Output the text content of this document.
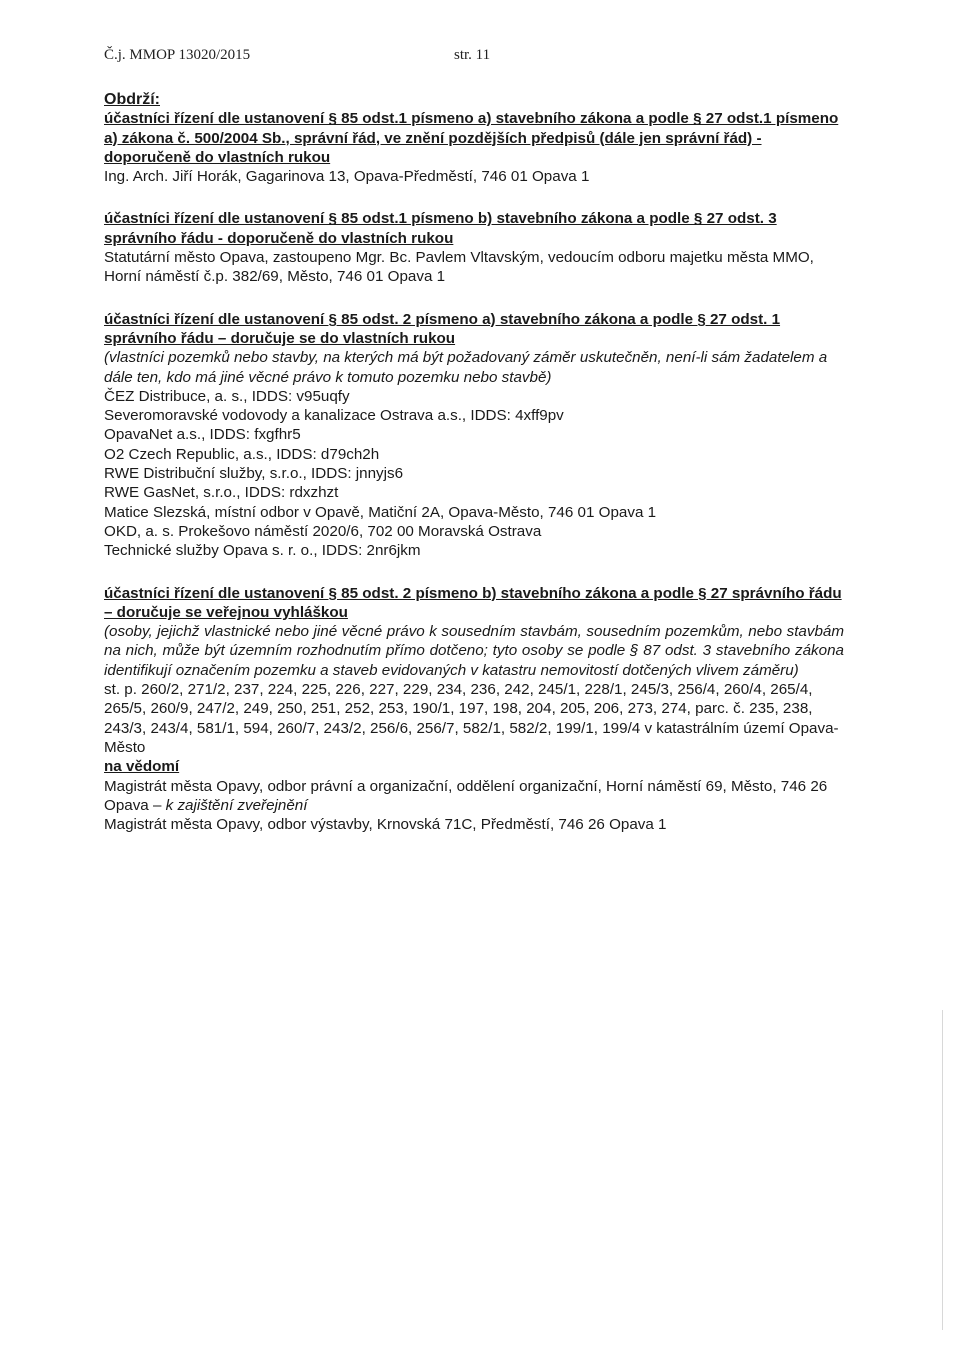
Č.j. MMOP 13020/2015	str. 11

Obdrží:

účastníci řízení dle ustanovení § 85 odst.1 písmeno a) stavebního zákona a podle § 27 odst.1 písmeno a) zákona č. 500/2004 Sb., správní řád, ve znění pozdějších předpisů (dále jen správní řád) -doporučeně do vlastních rukou

Ing. Arch. Jiří Horák, Gagarinova 13, Opava-Předměstí, 746 01 Opava 1

účastníci řízení dle ustanovení § 85 odst.1 písmeno b) stavebního zákona a podle § 27 odst. 3 správního řádu - doporučeně do vlastních rukou

Statutární město Opava, zastoupeno Mgr. Bc. Pavlem Vltavským, vedoucím odboru majetku města MMO, Horní náměstí č.p. 382/69, Město, 746 01 Opava 1

účastníci řízení dle ustanovení § 85 odst. 2 písmeno a) stavebního zákona a podle § 27 odst. 1 správního řádu – doručuje se do vlastních rukou

(vlastníci pozemků nebo stavby, na kterých má být požadovaný záměr uskutečněn, není-li sám žadatelem a dále ten, kdo má jiné věcné právo k tomuto pozemku nebo stavbě)

ČEZ Distribuce, a. s., IDDS: v95uqfy

Severomoravské vodovody a kanalizace Ostrava a.s., IDDS: 4xff9pv

OpavaNet a.s., IDDS: fxgfhr5

O2 Czech Republic, a.s., IDDS: d79ch2h

RWE Distribuční služby, s.r.o., IDDS: jnnyjs6

RWE GasNet, s.r.o., IDDS: rdxzhzt

Matice Slezská, místní odbor v Opavě, Matiční 2A, Opava-Město, 746 01 Opava 1

OKD, a. s. Prokešovo náměstí 2020/6, 702 00 Moravská Ostrava

Technické služby Opava s. r. o., IDDS: 2nr6jkm

účastníci řízení dle ustanovení § 85 odst. 2 písmeno b) stavebního zákona a podle § 27 správního řádu – doručuje se veřejnou vyhláškou

(osoby, jejichž vlastnické nebo jiné věcné právo k sousedním stavbám, sousedním pozemkům, nebo stavbám na nich, může být územním rozhodnutím přímo dotčeno; tyto osoby se podle § 87 odst. 3 stavebního zákona identifikují označením pozemku a staveb evidovaných v katastru nemovitostí dotčených vlivem záměru)

st. p. 260/2, 271/2, 237, 224, 225, 226, 227, 229, 234, 236, 242, 245/1, 228/1, 245/3, 256/4, 260/4, 265/4, 265/5, 260/9, 247/2, 249, 250, 251, 252, 253, 190/1, 197, 198, 204, 205, 206, 273, 274, parc. č. 235, 238, 243/3, 243/4, 581/1, 594, 260/7, 243/2, 256/6, 256/7, 582/1, 582/2, 199/1, 199/4 v katastrálním území Opava-Město

na vědomí

Magistrát města Opavy, odbor právní a organizační, oddělení organizační, Horní náměstí 69, Město, 746 26 Opava – k zajištění zveřejnění

Magistrát města Opavy, odbor výstavby, Krnovská 71C, Předměstí, 746 26 Opava 1
